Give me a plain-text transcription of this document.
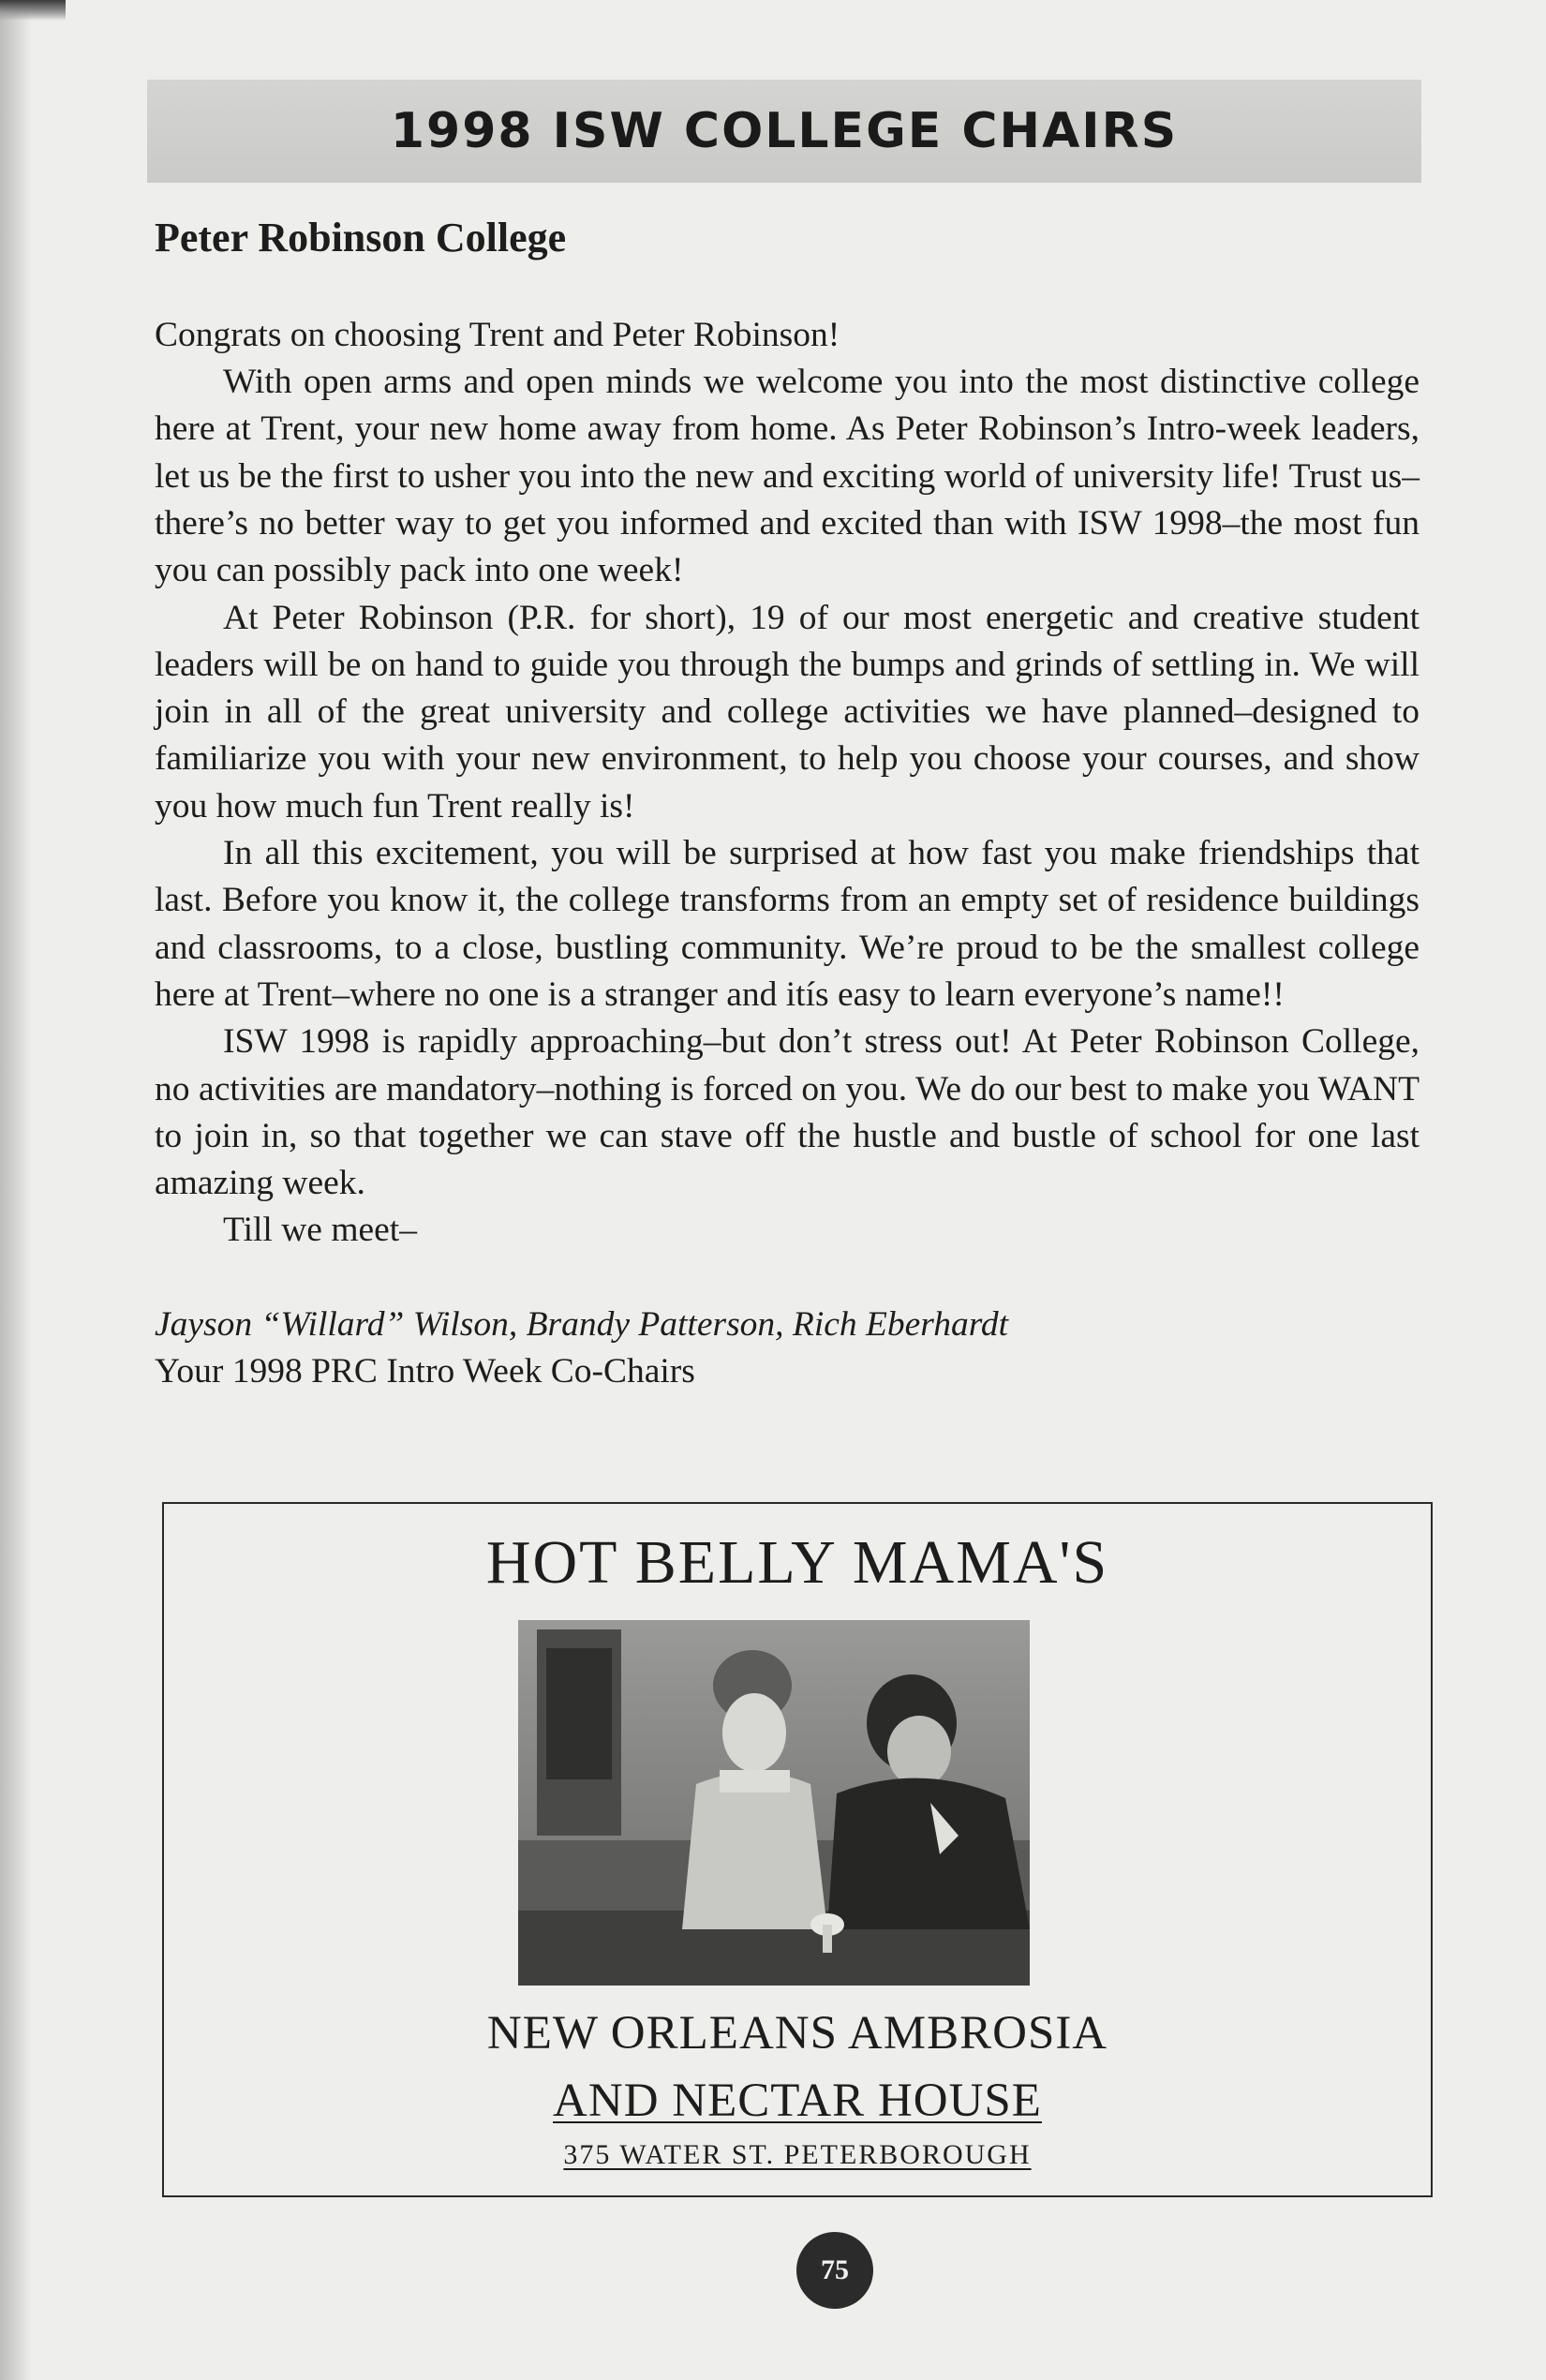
1998 ISW COLLEGE CHAIRS
Peter Robinson College

Congrats on choosing Trent and Peter Robinson!

With open arms and open minds we welcome you into the most distinctive college here at Trent, your new home away from home. As Peter Robinson’s Intro-week leaders, let us be the first to usher you into the new and exciting world of university life! Trust us–there’s no better way to get you informed and excited than with ISW 1998–the most fun you can possibly pack into one week!

At Peter Robinson (P.R. for short), 19 of our most energetic and creative student leaders will be on hand to guide you through the bumps and grinds of settling in. We will join in all of the great university and college activities we have planned–designed to familiarize you with your new environment, to help you choose your courses, and show you how much fun Trent really is!

In all this excitement, you will be surprised at how fast you make friendships that last. Before you know it, the college transforms from an empty set of residence buildings and classrooms, to a close, bustling community. We’re proud to be the smallest college here at Trent–where no one is a stranger and itís easy to learn everyone’s name!!

ISW 1998 is rapidly approaching–but don’t stress out! At Peter Robinson College, no activities are mandatory–nothing is forced on you. We do our best to make you WANT to join in, so that together we can stave off the hustle and bustle of school for one last amazing week.

Till we meet–

Jayson “Willard” Wilson, Brandy Patterson, Rich Eberhardt
Your 1998 PRC Intro Week Co-Chairs
HOT BELLY MAMA'S
NEW ORLEANS AMBROSIA
AND NECTAR HOUSE
375 WATER ST. PETERBOROUGH
75
